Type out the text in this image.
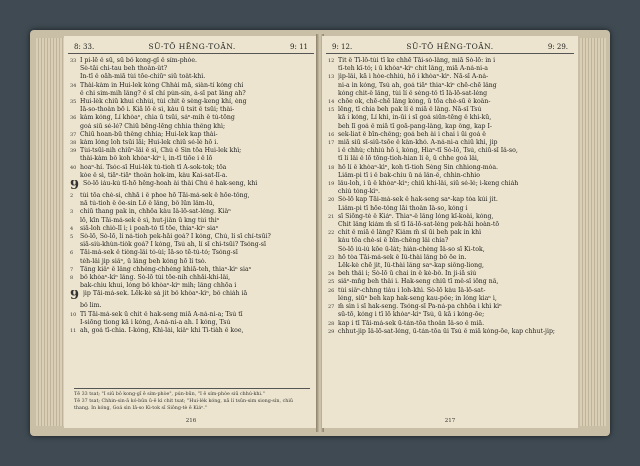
8: 33.	SŪ-TŌ HĒNG-TOĀN.	9: 11
33 I pi-lē ê sū, sū bô kong-gī ê sím-phòe.
Sè-tāi chi-tau beh thoân-ût?
In-tī ê oāh-miā tùi tōe-chiūⁿ siū toât-khì.
34 Thài-kàm in Hui-lek kóng Chhài mā, siàn-tí kóng chí
ê chi sim-mih lâng? ê sī chí pún-sin, á-sī pat lâng ah?
35 Hui-lèk chiū khui chhùi, tùi chit ê sèng-keng khí, èng
Iā-so-thoân bō i. Kiā lō ê sì, kàu ū tsit ê tsūi; thài-
36 kàm kóng, Lí khòaⁿ, chia ū tsūi, sáⁿ-mih ê tú-tōng
goá siū sé-lé? Chiū bēng-lēng chhia thêng khì;
37 Chiū hoan-bū thêng chhia; Hui-lek kap thài-
38 kàm lóng loh tsūi lāi; Hui-lek chiū sé-lé hō i.
39 Tùi-tsūi-nih chiūⁿ-lâi ê sì, Chú ê Sin tōa Hui-lek khì;
thài-kàm bô koh khòaⁿ-kìⁿ i, in-tī tiōe i ê lō
40 hoaⁿ-hí. Tsóc-sī Hui-lèk tú-tioh tī A-sok-tok; tōa
kòe ê sì, tiāⁿ-tiāⁿ thoân hok-im, kàu Kai-sat-lī-a.
9 Sò-lō iáu-kú tī-hō hēng-hoah ài thâi Chú ê hak-seng, khì
2	tùi tōa chè-si, chhā i ê phoe hō Tāi-má-sek ê hōe-tông,
nā tú-tioh ê ôe-sin Lō ê lâng, bô lūn lâm-lú,
3	chiū thang pak in, chhōa kàu Iâ-lō-sat-léng. Kiâⁿ
lō, kīn Tāi-má-sek ê sì, hut-jiân ū kng tùi thiⁿ
4	siā-loh chiò-lī i; i poah-tó tī tōe, thiaⁿ-kìⁿ siaⁿ
5	Sò-lō, Sò-lō, lí ná-tioh pek-hāi goá? I kóng, Chú, lí sī chí-tsūi?
siā-siù-khùn-tiòk goá? I kóng, Tsú ah, lí sī chi-tsūi? Tsóng-sī
6	Tāi-má-sek ê tiòng-lâi tó-ùi; Iā-so tē-tú-tó; Tsóng-sī
tèh-lâi jip siâⁿ, ū lâng beh kóng hō lí tsò.
7	Tâng kiâⁿ ê lâng chhéng-chhéng khiā-teh, thiaⁿ-kìⁿ siaⁿ
8	bô khòaⁿ-kìⁿ lâng. Sò-lō tùi tōe-nih chhāi-khí-lâi,
bak-chiu khui, lóng bô khòaⁿ-kìⁿ mih; lâng chhōa i
9 jip Tāi-má-sek. Lēk-kè sà jit bô khòaⁿ-kìⁿ, bô chiáh iā
bô lim.
10 Tī Tāi-má-sek ū chit ê hak-seng miā A-ná-ni-a; Tsú tī
I-siōng tiong kā i kóng, A-ná-ni-a ah. I kóng, Tsú
11 ah, goá tī-chia. I-kóng, Khì-lái, kiâⁿ khì Ti-tiàh ê koe,
Tē 33 tsat; "I siū bô kong-gī ê sím-phòe", pún-būn, "I ê sím-phòe siū chhú-khi."
Tē 37 tsat; Chhin-sin-ā kó-būn ū-ê kì chit tsat; "Hui-lèk kóng, nā lí tsūn-sim siong-sìn, chiū thang. In kóng, Goá sìn Iâ-so Ki-tok sī Siōng-tè ê Kiáⁿ."
216
9: 12.	SŪ-TŌ HĒNG-TOĀN.	9: 29.
12 Tit ê Tī-lō-tùi tī ke chhē Tāi-sò-lâng, miā Sò-lō: in i
tī-teh kî-tó; i ū khòaⁿ-kìⁿ chit lâng, miā A-ná-ni-a
13 jip-lâi, kā i hòe-chhiú, hō i khòaⁿ-kìⁿ. Nā-sī A-ná-
ni-a ìn kóng, Tsú ah, goá tiāⁿ thiaⁿ-kìⁿ chē-chē lâng
kóng chit-ê lâng, tùi lí ê sèng-tô tī Iâ-lō-sat-léng
14 chōe ok, chē-chē lâng kóng, ū tōa chè-sū ê koân-
15 lēng, tī chia beh pak lí ê miā ê lâng. Nā-sī Tsú
kā i kóng, Lí khì, in-ūi i sī goá siūn-tēng ê khì-kū,
beh lī goá ê miā tī goā-pang-lâng, kap ông, kap Í-
16 sek-liat ê bīn-chêng; goá beh ài i chai i ūi goá ê
17 miā siū sī-siū-tsōe ê kàn-khó. A-ná-ni-a chiū khì, jip
i ê chhù; chhiú hō i, kóng, Hiaⁿ-tī Sò-lō, Tsú, chiū-sī Iâ-so,
tī lí lâi ê lō tōng-tioh-hian lí ê, ū chhe goá lâi,
18 hō lí ê khòaⁿ-kìⁿ, koh tī-tioh Sèng Sin chhiong-móa.
Liâm-pi tī i ê bak-chiu ū ná lân-ê, chhin-chhio
19 lâu-loh, i ū ê khòaⁿ-kìⁿ; chiū khí-lâi, siū sé-lé; i-keng chiáh
chiú tóng-kìⁿ.
20 Sò-lō kap Tāi-má-sek ê hak-seng saⁿ-kap tòa kúi jit.
Liâm-pi tī hōe-tông lāi thoân Iâ-so, kóng i
21 sī Siōng-tè ê Kiáⁿ. Thiaⁿ-ê lâng lóng kî-koài, kóng,
Chit lâng kiám m̄ sī tī Iâ-lō-sat-léng pek-hāi hoàn-tō
22 chit ê miā ê lâng? Kiám m̄ sī ūi beh pak in khì
kàu tōa chè-si ê bīn-chêng lâi chia?
Sò-lō iú-iú kōe ū-lát; hiàn-chèng Iâ-so sī Ki-tok,
23 hō tòa Tāi-má-sek ê Iû-thài lâng bô ōe ìn.
Lēk-kè chē jit, Iû-thài lâng saⁿ-kap siông-liong,
24 beh thâi i; Sò-lō ū chai in ê kè-bô. In ji-iā siú
25 siâⁿ-mn̂g beh thâi i. Hak-seng chiū tī mê-sî iōng nâ,
26 tùi siâⁿ-chhng tiàu i loh-khì. Sò-lō kàu Iâ-lō-sat-
léng, siūⁿ beh kap hak-seng kau-pôe; in lóng kiaⁿ i,
27 m̄ sìn i sī hak-seng. Tsóng-sī Pa-ná-pa chhōa i khì kìⁿ
sū-tō, kóng i tī lō khòaⁿ-kìⁿ Tsú, ū kā i kóng-ōe;
28 kap i tī Tāi-má-sek ū-tán-tōa thoân Iâ-so ê miā.
29 chhut-jip Iâ-lō-sat-léng, ū-tán-tōa ūi Tsú ê miā kóng-ōe, kap chhut-jip;
217
